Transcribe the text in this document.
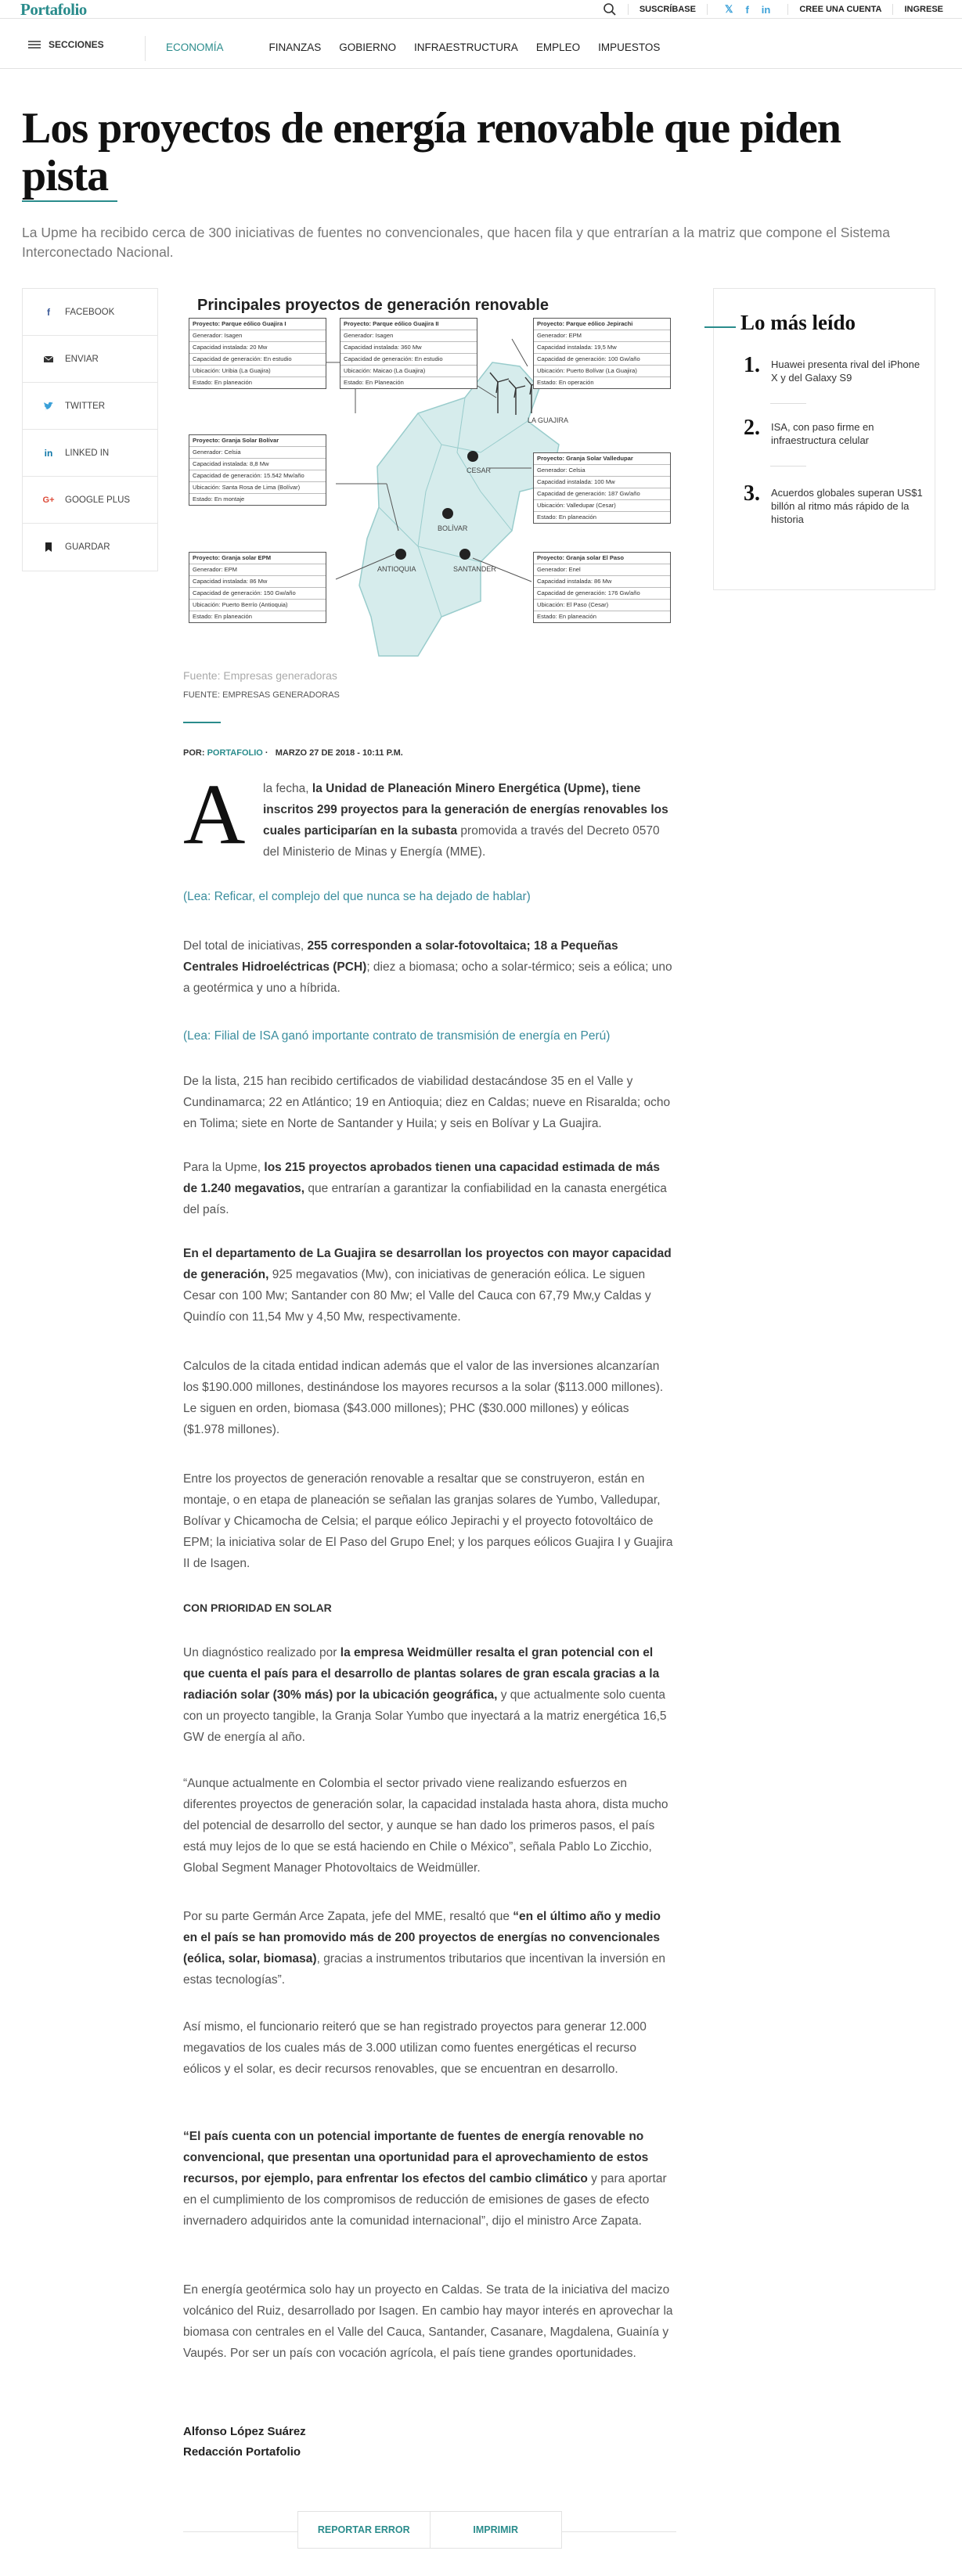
Portafolio	SUSCRÍBASE	𝕏 f in	CREE UNA CUENTA	INGRESE
SECCIONES	ECONOMÍA	FINANZAS GOBIERNO INFRAESTRUCTURA EMPLEO IMPUESTOS
Los proyectos de energía renovable que piden pista

La Upme ha recibido cerca de 300 iniciativas de fuentes no convencionales, que hacen fila y que entrarían a la matriz que compone el Sistema Interconectado Nacional.

f	FACEBOOK
ENVIAR
TWITTER
in LINKED IN
G+ GOOGLE PLUS
GUARDAR
Principales proyectos de generación renovable
LA GUAJIRA
CESAR
BOLÍVAR
ANTIOQUIA	SANTANDER
Proyecto: Parque eólico Guajira I
Generador: Isagen
Capacidad instalada: 20 Mw
Capacidad de generación: En estudio
Ubicación: Uribia (La Guajira)
Estado: En planeación
Proyecto: Parque eólico Guajira II
Generador: Isagen
Capacidad instalada: 360 Mw
Capacidad de generación: En estudio
Ubicación: Maicao (La Guajira)
Estado: En Planeación
Proyecto: Parque eólico Jepirachi
Generador: EPM
Capacidad instalada: 19,5 Mw
Capacidad de generación: 100 Gw/año
Ubicación: Puerto Bolívar (La Guajira)
Estado: En operación
Proyecto: Granja Solar Bolívar
Generador: Celsia
Capacidad instalada: 8,8 Mw
Capacidad de generación: 15.542 Mw/año
Ubicación: Santa Rosa de Lima (Bolívar)
Estado: En montaje
Proyecto: Granja Solar Valledupar
Generador: Celsia
Capacidad instalada: 100 Mw
Capacidad de generación: 187 Gw/año
Ubicación: Valledupar (Cesar)
Estado: En planeación
Proyecto: Granja solar EPM
Generador: EPM
Capacidad instalada: 86 Mw
Capacidad de generación: 150 Gw/año
Ubicación: Puerto Berrío (Antioquia)
Estado: En planeación
Proyecto: Granja solar El Paso
Generador: Enel
Capacidad instalada: 86 Mw
Capacidad de generación: 176 Gw/año
Ubicación: El Paso (Cesar)
Estado: En planeación
Fuente: Empresas generadoras
FUENTE: EMPRESAS GENERADORAS
Lo más leído
1. Huawei presenta rival del iPhone X y del Galaxy S9
2. ISA, con paso firme en infraestructura celular
3. Acuerdos globales superan US$1 billón al ritmo más rápido de la historia
POR: PORTAFOLIO ·   MARZO 27 DE 2018 - 10:11 P.M.
A la fecha, la Unidad de Planeación Minero Energética (Upme), tiene inscritos 299 proyectos para la generación de energías renovables los cuales participarían en la subasta promovida a través del Decreto 0570 del Ministerio de Minas y Energía (MME).

(Lea: Reficar, el complejo del que nunca se ha dejado de hablar)

Del total de iniciativas, 255 corresponden a solar-fotovoltaica; 18 a Pequeñas Centrales Hidroeléctricas (PCH); diez a biomasa; ocho a solar-térmico; seis a eólica; uno a geotérmica y uno a híbrida.

(Lea: Filial de ISA ganó importante contrato de transmisión de energía en Perú)

De la lista, 215 han recibido certificados de viabilidad destacándose 35 en el Valle y Cundinamarca; 22 en Atlántico; 19 en Antioquia; diez en Caldas; nueve en Risaralda; ocho en Tolima; siete en Norte de Santander y Huila; y seis en Bolívar y La Guajira.

Para la Upme, los 215 proyectos aprobados tienen una capacidad estimada de más de 1.240 megavatios, que entrarían a garantizar la confiabilidad en la canasta energética del país.

En el departamento de La Guajira se desarrollan los proyectos con mayor capacidad de generación, 925 megavatios (Mw), con iniciativas de generación eólica. Le siguen Cesar con 100 Mw; Santander con 80 Mw; el Valle del Cauca con 67,79 Mw,y Caldas y Quindío con 11,54 Mw y 4,50 Mw, respectivamente.

Calculos de la citada entidad indican además que el valor de las inversiones alcanzarían los $190.000 millones, destinándose los mayores recursos a la solar ($113.000 millones). Le siguen en orden, biomasa ($43.000 millones); PHC ($30.000 millones) y eólicas ($1.978 millones).

Entre los proyectos de generación renovable a resaltar que se construyeron, están en montaje, o en etapa de planeación se señalan las granjas solares de Yumbo, Valledupar, Bolívar y Chicamocha de Celsia; el parque eólico Jepirachi y el proyecto fotovoltáico de EPM; la iniciativa solar de El Paso del Grupo Enel; y los parques eólicos Guajira I y Guajira II de Isagen.

CON PRIORIDAD EN SOLAR

Un diagnóstico realizado por la empresa Weidmüller resalta el gran potencial con el que cuenta el país para el desarrollo de plantas solares de gran escala gracias a la radiación solar (30% más) por la ubicación geográfica, y que actualmente solo cuenta con un proyecto tangible, la Granja Solar Yumbo que inyectará a la matriz energética 16,5 GW de energía al año.

“Aunque actualmente en Colombia el sector privado viene realizando esfuerzos en diferentes proyectos de generación solar, la capacidad instalada hasta ahora, dista mucho del potencial de desarrollo del sector, y aunque se han dado los primeros pasos, el país está muy lejos de lo que se está haciendo en Chile o México”, señala Pablo Lo Zicchio, Global Segment Manager Photovoltaics de Weidmüller.

Por su parte Germán Arce Zapata, jefe del MME, resaltó que “en el último año y medio en el país se han promovido más de 200 proyectos de energías no convencionales (eólica, solar, biomasa), gracias a instrumentos tributarios que incentivan la inversión en estas tecnologías”.

Así mismo, el funcionario reiteró que se han registrado proyectos para generar 12.000 megavatios de los cuales más de 3.000 utilizan como fuentes energéticas el recurso eólicos y el solar, es decir recursos renovables, que se encuentran en desarrollo.

“El país cuenta con un potencial importante de fuentes de energía renovable no convencional, que presentan una oportunidad para el aprovechamiento de estos recursos, por ejemplo, para enfrentar los efectos del cambio climático y para aportar en el cumplimiento de los compromisos de reducción de emisiones de gases de efecto invernadero adquiridos ante la comunidad internacional”, dijo el ministro Arce Zapata.

En energía geotérmica solo hay un proyecto en Caldas. Se trata de la iniciativa del macizo volcánico del Ruiz, desarrollado por Isagen. En cambio hay mayor interés en aprovechar la biomasa con centrales en el Valle del Cauca, Santander, Casanare, Magdalena, Guainía y Vaupés. Por ser un país con vocación agrícola, el país tiene grandes oportunidades.

Alfonso López Suárez
Redacción Portafolio
REPORTAR ERROR	IMPRIMIR
